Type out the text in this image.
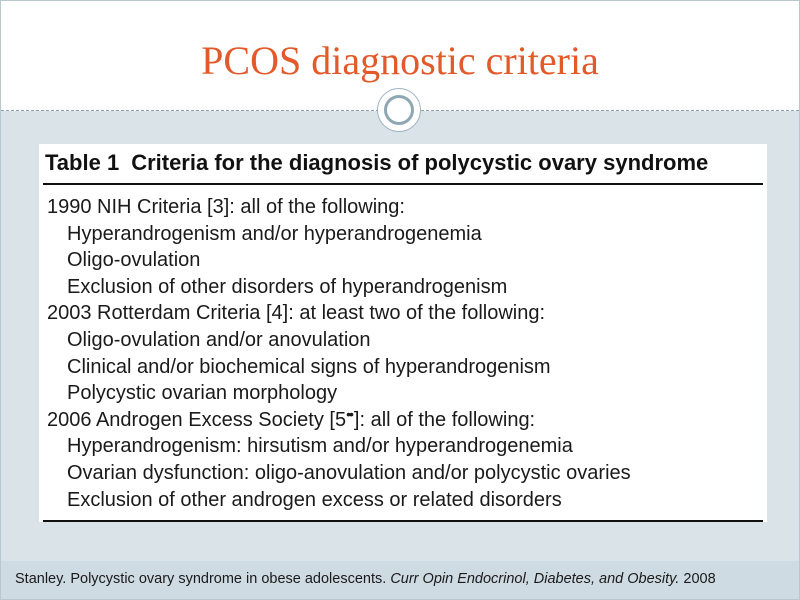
PCOS diagnostic criteria
Table 1 Criteria for the diagnosis of polycystic ovary syndrome
1990 NIH Criteria [3]: all of the following:
Hyperandrogenism and/or hyperandrogenemia
Oligo-ovulation
Exclusion of other disorders of hyperandrogenism
2003 Rotterdam Criteria [4]: at least two of the following:
Oligo-ovulation and/or anovulation
Clinical and/or biochemical signs of hyperandrogenism
Polycystic ovarian morphology
2006 Androgen Excess Society [5•• ]: all of the following:
Hyperandrogenism: hirsutism and/or hyperandrogenemia
Ovarian dysfunction: oligo-anovulation and/or polycystic ovaries
Exclusion of other androgen excess or related disorders
Stanley. Polycystic ovary syndrome in obese adolescents. Curr Opin Endocrinol, Diabetes, and Obesity. 2008
